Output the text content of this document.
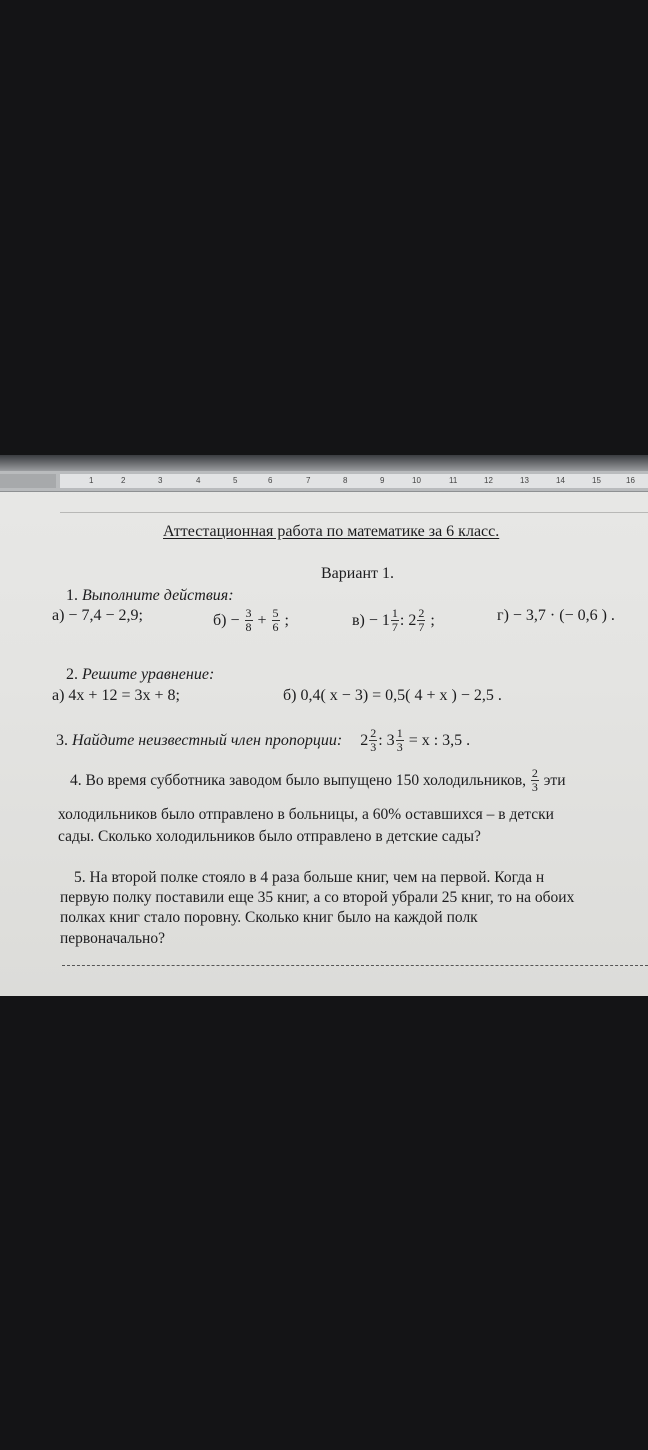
1	2	3	4	5	6	7	8	9	10	11	12	13	14	15	16
Аттестационная работа по математике за 6 класс.
Вариант 1.
1. Выполните действия:
а) − 7,4 − 2,9;	$б) - \frac{3}{8} + \frac{5}{6}$ ;	$в) - 1 \frac{1}{7}$ : $2 \frac{2}{7}$ ;	г) − 3,7 · (− 0,6 ) .
2. Решите уравнение:
а) 4x + 12 = 3x + 8;	б) 0,4( x − 3) = 0,5( 4 + x ) − 2,5 .
3. Найдите неизвестный член пропорции: $2 \frac{2}{3}$ : $3 \frac{1}{3} = x$ : 3,5 .
4. Во время субботника заводом было выпущено 150 холодильников, $\frac{2}{3}$ эти
холодильников было отправлено в больницы, а 60% оставшихся – в детски
сады. Сколько холодильников было отправлено в детские сады?
5. На второй полке стояло в 4 раза больше книг, чем на первой. Когда н
первую полку поставили еще 35 книг, а со второй убрали 25 книг, то на обоих
полках книг стало поровну. Сколько книг было на каждой полк
первоначально?
